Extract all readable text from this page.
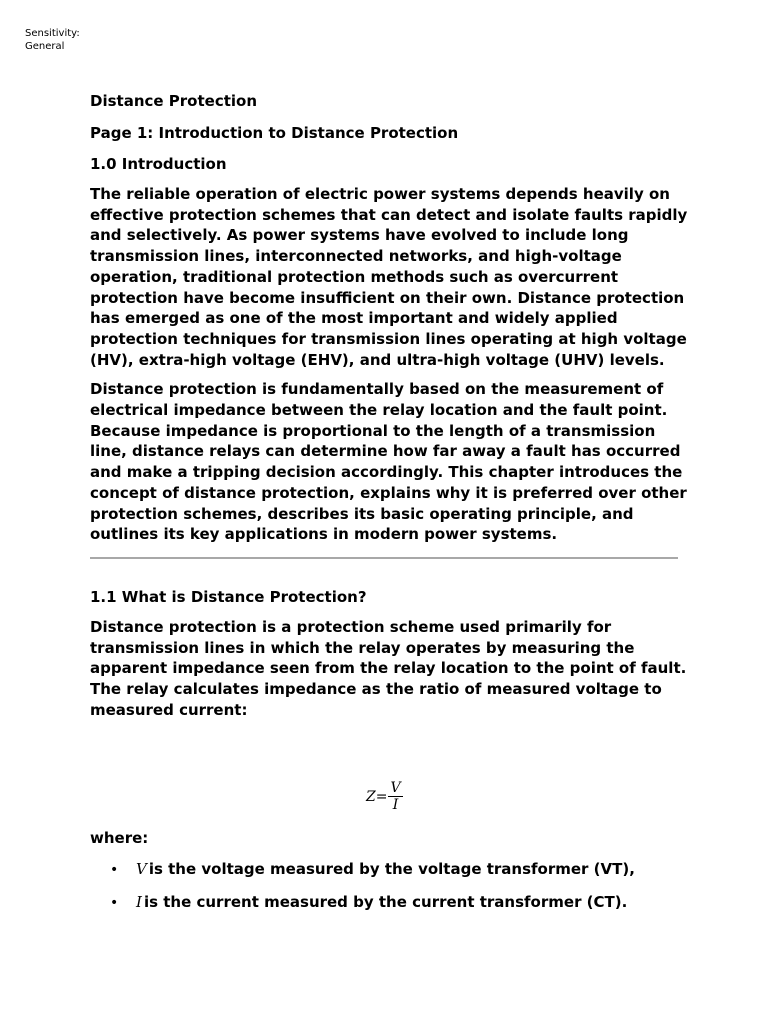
Sensitivity:
General
Distance Protection
Page 1: Introduction to Distance Protection
1.0 Introduction

The reliable operation of electric power systems depends heavily on effective protection schemes that can detect and isolate faults rapidly and selectively. As power systems have evolved to include long transmission lines, interconnected networks, and high-voltage operation, traditional protection methods such as overcurrent protection have become insufficient on their own. Distance protection has emerged as one of the most important and widely applied protection techniques for transmission lines operating at high voltage (HV), extra-high voltage (EHV), and ultra-high voltage (UHV) levels.

Distance protection is fundamentally based on the measurement of electrical impedance between the relay location and the fault point. Because impedance is proportional to the length of a transmission line, distance relays can determine how far away a fault has occurred and make a tripping decision accordingly. This chapter introduces the concept of distance protection, explains why it is preferred over other protection schemes, describes its basic operating principle, and outlines its key applications in modern power systems.

1.1 What is Distance Protection?

Distance protection is a protection scheme used primarily for transmission lines in which the relay operates by measuring the apparent impedance seen from the relay location to the point of fault. The relay calculates impedance as the ratio of measured voltage to measured current:

where:
$Z = \frac{V}{I}$
•	V is the voltage measured by the voltage transformer (VT),
•	I is the current measured by the current transformer (CT).
